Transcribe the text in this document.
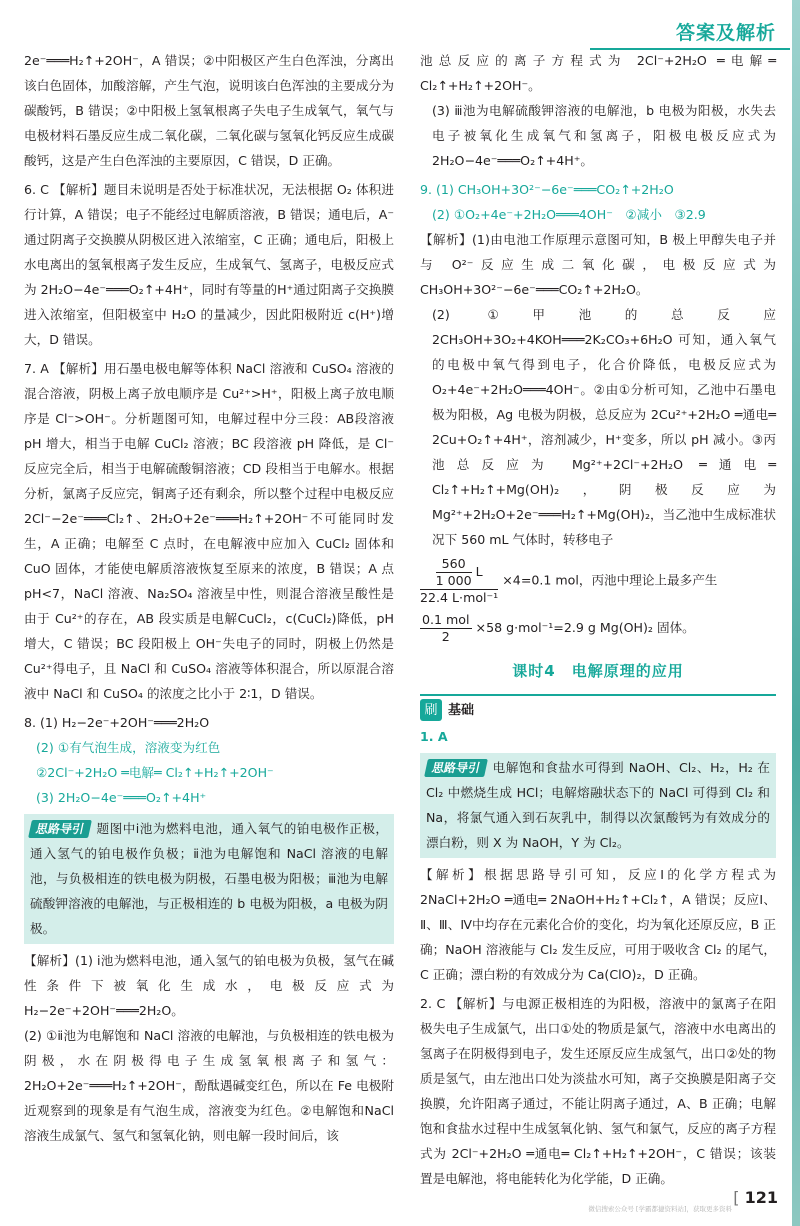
答案及解析

2e⁻═══H₂↑+2OH⁻，A 错误；②中阳极区产生白色浑浊，分离出该白色固体，加酸溶解，产生气泡，说明该白色浑浊的主要成分为碳酸钙，B 错误；②中阳极上氢氧根离子失电子生成氧气，氧气与电极材料石墨反应生成二氧化碳，二氧化碳与氢氧化钙反应生成碳酸钙，这是产生白色浑浊的主要原因，C 错误，D 正确。

6. C 【解析】题目未说明是否处于标准状况，无法根据 O₂ 体积进行计算，A 错误；电子不能经过电解质溶液，B 错误；通电后，A⁻通过阴离子交换膜从阴极区进入浓缩室，C 正确；通电后，阳极上水电离出的氢氧根离子发生反应，生成氧气、氢离子，电极反应式为 2H₂O−4e⁻═══O₂↑+4H⁺，同时有等量的H⁺通过阳离子交换膜进入浓缩室，但阳极室中 H₂O 的量减少，因此阳极附近 c(H⁺)增大，D 错误。

7. A 【解析】用石墨电极电解等体积 NaCl 溶液和 CuSO₄ 溶液的混合溶液，阴极上离子放电顺序是 Cu²⁺>H⁺，阳极上离子放电顺序是 Cl⁻>OH⁻。分析题图可知，电解过程中分三段：AB段溶液 pH 增大，相当于电解 CuCl₂ 溶液；BC 段溶液 pH 降低，是 Cl⁻反应完全后，相当于电解硫酸铜溶液；CD 段相当于电解水。根据分析，氯离子反应完，铜离子还有剩余，所以整个过程中电极反应 2Cl⁻−2e⁻═══Cl₂↑、2H₂O+2e⁻═══H₂↑+2OH⁻不可能同时发生，A 正确；电解至 C 点时，在电解液中应加入 CuCl₂ 固体和 CuO 固体，才能使电解质溶液恢复至原来的浓度，B 错误；A 点 pH<7，NaCl 溶液、Na₂SO₄ 溶液呈中性，则混合溶液呈酸性是由于 Cu²⁺的存在，AB 段实质是电解CuCl₂，c(CuCl₂)降低，pH 增大，C 错误；BC 段阳极上 OH⁻失电子的同时，阴极上仍然是 Cu²⁺得电子，且 NaCl 和 CuSO₄ 溶液等体积混合，所以原混合溶液中 NaCl 和 CuSO₄ 的浓度之比小于 2∶1，D 错误。

8. (1) H₂−2e⁻+2OH⁻═══2H₂O

(2) ①有气泡生成，溶液变为红色

②2Cl⁻+2H₂O ═电解═ Cl₂↑+H₂↑+2OH⁻

(3) 2H₂O−4e⁻═══O₂↑+4H⁺

思路导引 题图中ⅰ池为燃料电池，通入氧气的铂电极作正极，通入氢气的铂电极作负极；ⅱ池为电解饱和 NaCl 溶液的电解池，与负极相连的铁电极为阴极，石墨电极为阳极；ⅲ池为电解硫酸钾溶液的电解池，与正极相连的 b 电极为阳极，a 电极为阴极。

【解析】(1) ⅰ池为燃料电池，通入氢气的铂电极为负极，氢气在碱性条件下被氧化生成水，电极反应式为 H₂−2e⁻+2OH⁻═══2H₂O。

(2) ①ⅱ池为电解饱和 NaCl 溶液的电解池，与负极相连的铁电极为阴极，水在阴极得电子生成氢氧根离子和氢气：2H₂O+2e⁻═══H₂↑+2OH⁻，酚酞遇碱变红色，所以在 Fe 电极附近观察到的现象是有气泡生成，溶液变为红色。②电解饱和NaCl 溶液生成氯气、氢气和氢氧化钠，则电解一段时间后，该

池总反应的离子方程式为 2Cl⁻+2H₂O ═电解═ Cl₂↑+H₂↑+2OH⁻。

(3) ⅲ池为电解硫酸钾溶液的电解池，b 电极为阳极，水失去电子被氧化生成氧气和氢离子，阳极电极反应式为 2H₂O−4e⁻═══O₂↑+4H⁺。

9. (1) CH₃OH+3O²⁻−6e⁻═══CO₂↑+2H₂O

(2) ①O₂+4e⁻+2H₂O═══4OH⁻　②减小　③2.9

【解析】(1)由电池工作原理示意图可知，B 极上甲醇失电子并与 O²⁻反应生成二氧化碳，电极反应式为 CH₃OH+3O²⁻−6e⁻═══CO₂↑+2H₂O。

(2) ①甲池的总反应 2CH₃OH+3O₂+4KOH═══2K₂CO₃+6H₂O 可知，通入氧气的电极中氧气得到电子，化合价降低，电极反应式为 O₂+4e⁻+2H₂O═══4OH⁻。②由①分析可知，乙池中石墨电极为阳极，Ag 电极为阴极，总反应为 2Cu²⁺+2H₂O ═通电═ 2Cu+O₂↑+4H⁺，溶剂减少，H⁺变多，所以 pH 减小。③丙池总反应为 Mg²⁺+2Cl⁻+2H₂O ═通电═ Cl₂↑+H₂↑+Mg(OH)₂，阴极反应为 Mg²⁺+2H₂O+2e⁻═══H₂↑+Mg(OH)₂，当乙池中生成标准状况下 560 mL 气体时，转移电子

$\frac{\frac{560}{1 000} L}{\text{22.4 L·mol⁻¹}} \times 4=0.1$ mol，丙池中理论上最多产生

$\frac{\text{0.1 mol}}{2} \times 58$ g·mol⁻¹=2.9 g Mg(OH)₂ 固体。

课时4　电解原理的应用
刷 基础

1. A

思路导引 电解饱和食盐水可得到 NaOH、Cl₂、H₂，H₂ 在 Cl₂ 中燃烧生成 HCl；电解熔融状态下的 NaCl 可得到 Cl₂ 和 Na，将氯气通入到石灰乳中，制得以次氯酸钙为有效成分的漂白粉，则 X 为 NaOH，Y 为 Cl₂。

【解析】根据思路导引可知，反应Ⅰ的化学方程式为 2NaCl+2H₂O ═通电═ 2NaOH+H₂↑+Cl₂↑，A 错误；反应Ⅰ、Ⅱ、Ⅲ、Ⅳ中均存在元素化合价的变化，均为氧化还原反应，B 正确；NaOH 溶液能与 Cl₂ 发生反应，可用于吸收含 Cl₂ 的尾气，C 正确；漂白粉的有效成分为 Ca(ClO)₂，D 正确。

2. C 【解析】与电源正极相连的为阳极，溶液中的氯离子在阳极失电子生成氯气，出口①处的物质是氯气，溶液中水电离出的氢离子在阴极得到电子，发生还原反应生成氢气，出口②处的物质是氢气，由左池出口处为淡盐水可知，离子交换膜是阳离子交换膜，允许阳离子通过，不能让阴离子通过，A、B 正确；电解饱和食盐水过程中生成氢氧化钠、氢气和氯气，反应的离子方程式为 2Cl⁻+2H₂O ═通电═ Cl₂↑+H₂↑+2OH⁻，C 错误；该装置是电解池，将电能转化为化学能，D 正确。

微信搜索公众号 [学霸都捷资料站]，获取更多资料
[ 121
